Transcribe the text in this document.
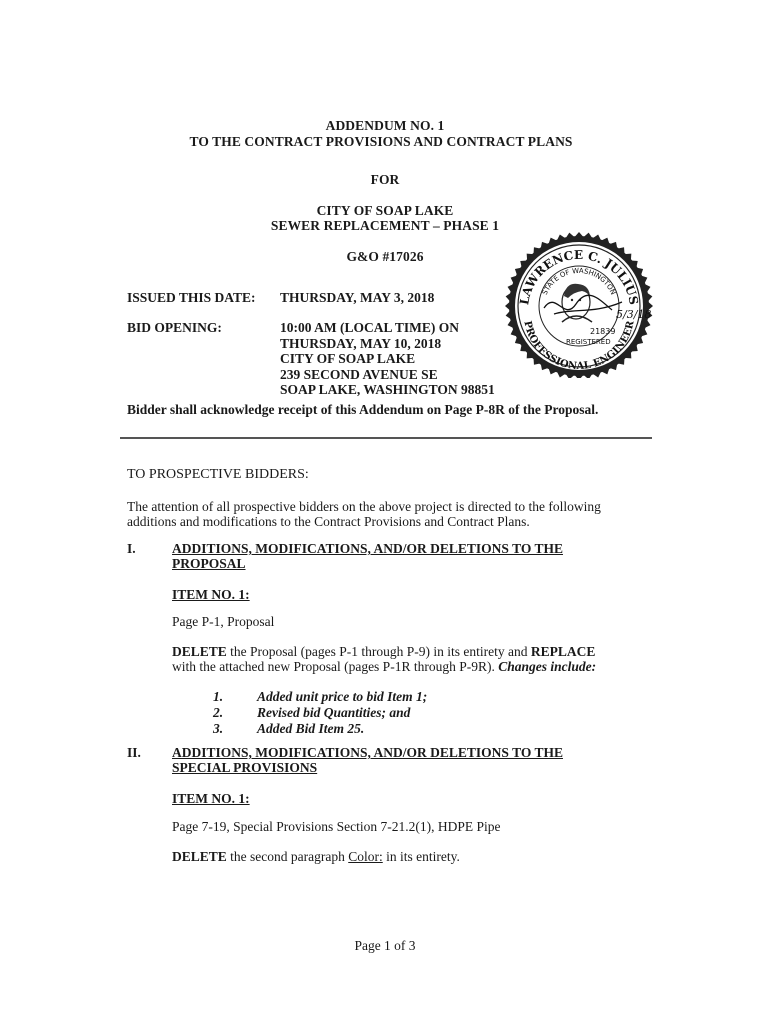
ADDENDUM NO. 1
TO THE CONTRACT PROVISIONS AND CONTRACT PLANS
FOR
CITY OF SOAP LAKE
SEWER REPLACEMENT – PHASE 1
G&O #17026
ISSUED THIS DATE: THURSDAY, MAY 3, 2018
BID OPENING:	10:00 AM (LOCAL TIME) ON
THURSDAY, MAY 10, 2018
CITY OF SOAP LAKE
239 SECOND AVENUE SE
SOAP LAKE, WASHINGTON 98851
LAWRENCE C. JULIUS
STATE OF WASHINGTON
PROFESSIONAL ENGINEER
21839
REGISTERED
5/3/18
Bidder shall acknowledge receipt of this Addendum on Page P-8R of the Proposal.
TO PROSPECTIVE BIDDERS:
The attention of all prospective bidders on the above project is directed to the following
additions and modifications to the Contract Provisions and Contract Plans.
I.	ADDITIONS, MODIFICATIONS, AND/OR DELETIONS TO THE
PROPOSAL
ITEM NO. 1:
Page P-1, Proposal
DELETE the Proposal (pages P-1 through P-9) in its entirety and REPLACE
with the attached new Proposal (pages P-1R through P-9R). Changes include:
1.	Added unit price to bid Item 1;
2.	Revised bid Quantities; and
3.	Added Bid Item 25.
II. ADDITIONS, MODIFICATIONS, AND/OR DELETIONS TO THE
SPECIAL PROVISIONS
ITEM NO. 1:
Page 7-19, Special Provisions Section 7-21.2(1), HDPE Pipe
DELETE the second paragraph Color: in its entirety.
Page 1 of 3
